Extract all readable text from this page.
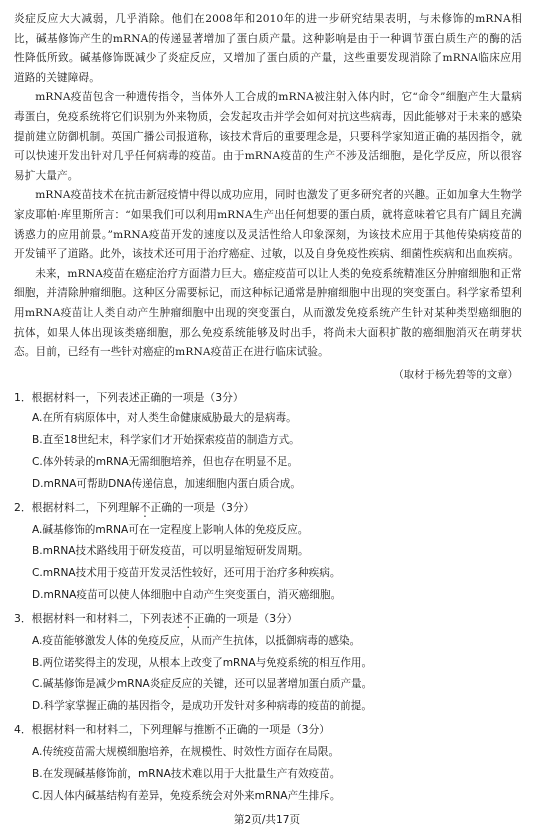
炎症反应大大减弱，几乎消除。他们在2008年和2010年的进一步研究结果表明，与未修饰的mRNA相比，碱基修饰产生的mRNA的传递显著增加了蛋白质产量。这种影响是由于一种调节蛋白质生产的酶的活性降低所致。碱基修饰既减少了炎症反应，又增加了蛋白质的产量，这些重要发现消除了mRNA临床应用道路的关键障碍。

mRNA疫苗包含一种遗传指令，当体外人工合成的mRNA被注射入体内时，它“命令”细胞产生大量病毒蛋白，免疫系统将它们识别为外来物质，会发起攻击并学会如何对抗这些病毒，因此能够对于未来的感染提前建立防御机制。英国广播公司报道称，该技术背后的重要理念是，只要科学家知道正确的基因指令，就可以快速开发出针对几乎任何病毒的疫苗。由于mRNA疫苗的生产不涉及活细胞，是化学反应，所以很容易扩大量产。

mRNA疫苗技术在抗击新冠疫情中得以成功应用，同时也激发了更多研究者的兴趣。正如加拿大生物学家皮耶帕·库里斯所言：“如果我们可以利用mRNA生产出任何想要的蛋白质，就将意味着它具有广阔且充满诱惑力的应用前景。”mRNA疫苗开发的速度以及灵活性给人印象深刻，为该技术应用于其他传染病疫苗的开发铺平了道路。此外，该技术还可用于治疗癌症、过敏，以及自身免疫性疾病、细菌性疾病和出血疾病。

未来，mRNA疫苗在癌症治疗方面潜力巨大。癌症疫苗可以让人类的免疫系统精准区分肿瘤细胞和正常细胞，并清除肿瘤细胞。这种区分需要标记，而这种标记通常是肿瘤细胞中出现的突变蛋白。科学家希望利用mRNA疫苗让人类自动产生肿瘤细胞中出现的突变蛋白，从而激发免疫系统产生针对某种类型癌细胞的抗体，如果人体出现该类癌细胞，那么免疫系统能够及时出手，将尚未大面积扩散的癌细胞消灭在萌芽状态。目前，已经有一些针对癌症的mRNA疫苗正在进行临床试验。

（取材于杨先碧等的文章）
1．根据材料一，下列表述正确的一项是（3分）
A.在所有病原体中，对人类生命健康威胁最大的是病毒。
B.直至18世纪末，科学家们才开始探索疫苗的制造方式。
C.体外转录的mRNA无需细胞培养，但也存在明显不足。
D.mRNA可帮助DNA传递信息，加速细胞内蛋白质合成。
2．根据材料二，下列理解不正确的一项是（3分）
A.碱基修饰的mRNA可在一定程度上影响人体的免疫反应。
B.mRNA技术路线用于研发疫苗，可以明显缩短研发周期。
C.mRNA技术用于疫苗开发灵活性较好，还可用于治疗多种疾病。
D.mRNA疫苗可以使人体细胞中自动产生突变蛋白，消灭癌细胞。
3．根据材料一和材料二，下列表述不正确的一项是（3分）
A.疫苗能够激发人体的免疫反应，从而产生抗体，以抵御病毒的感染。
B.两位诺奖得主的发现，从根本上改变了mRNA与免疫系统的相互作用。
C.碱基修饰是减少mRNA炎症反应的关键，还可以显著增加蛋白质产量。
D.科学家掌握正确的基因指令，是成功开发针对多种病毒的疫苗的前提。
4．根据材料一和材料二，下列理解与推断不正确的一项是（3分）
A.传统疫苗需大规模细胞培养，在规模性、时效性方面存在局限。
B.在发现碱基修饰前，mRNA技术难以用于大批量生产有效疫苗。
C.因人体内碱基结构有差异，免疫系统会对外来mRNA产生排斥。
第2页/共17页
